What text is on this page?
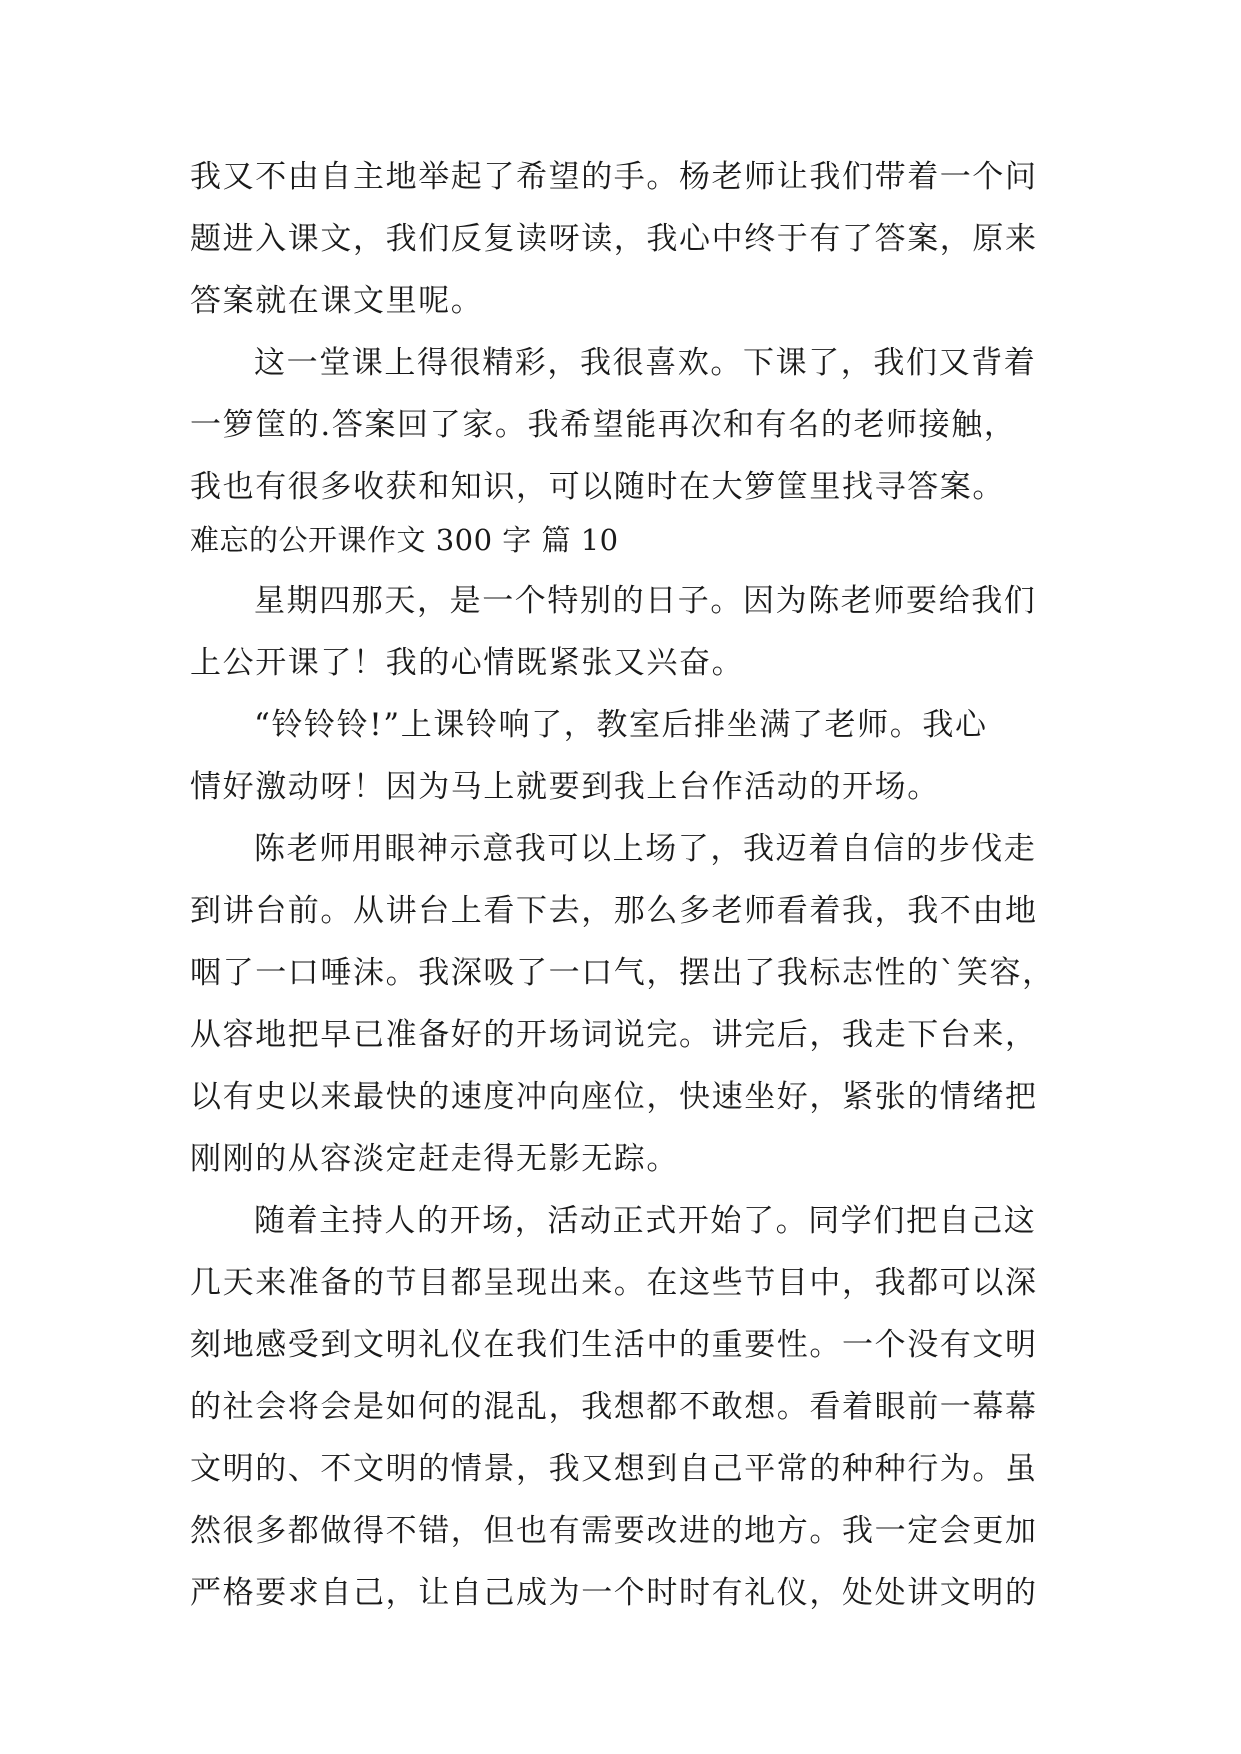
我又不由自主地举起了希望的手。杨老师让我们带着一个问

题进入课文，我们反复读呀读，我心中终于有了答案，原来

答案就在课文里呢。

这一堂课上得很精彩，我很喜欢。下课了，我们又背着

一箩筐的.答案回了家。我希望能再次和有名的老师接触，

我也有很多收获和知识，可以随时在大箩筐里找寻答案。

难忘的公开课作文 300 字 篇 10

星期四那天，是一个特别的日子。因为陈老师要给我们

上公开课了！我的心情既紧张又兴奋。

“铃铃铃!”上课铃响了，教室后排坐满了老师。我心

情好激动呀！因为马上就要到我上台作活动的开场。

陈老师用眼神示意我可以上场了，我迈着自信的步伐走

到讲台前。从讲台上看下去，那么多老师看着我，我不由地

咽了一口唾沫。我深吸了一口气，摆出了我标志性的`笑容，

从容地把早已准备好的开场词说完。讲完后，我走下台来，

以有史以来最快的速度冲向座位，快速坐好，紧张的情绪把

刚刚的从容淡定赶走得无影无踪。

随着主持人的开场，活动正式开始了。同学们把自己这

几天来准备的节目都呈现出来。在这些节目中，我都可以深

刻地感受到文明礼仪在我们生活中的重要性。一个没有文明

的社会将会是如何的混乱，我想都不敢想。看着眼前一幕幕

文明的、不文明的情景，我又想到自己平常的种种行为。虽

然很多都做得不错，但也有需要改进的地方。我一定会更加

严格要求自己，让自己成为一个时时有礼仪，处处讲文明的
